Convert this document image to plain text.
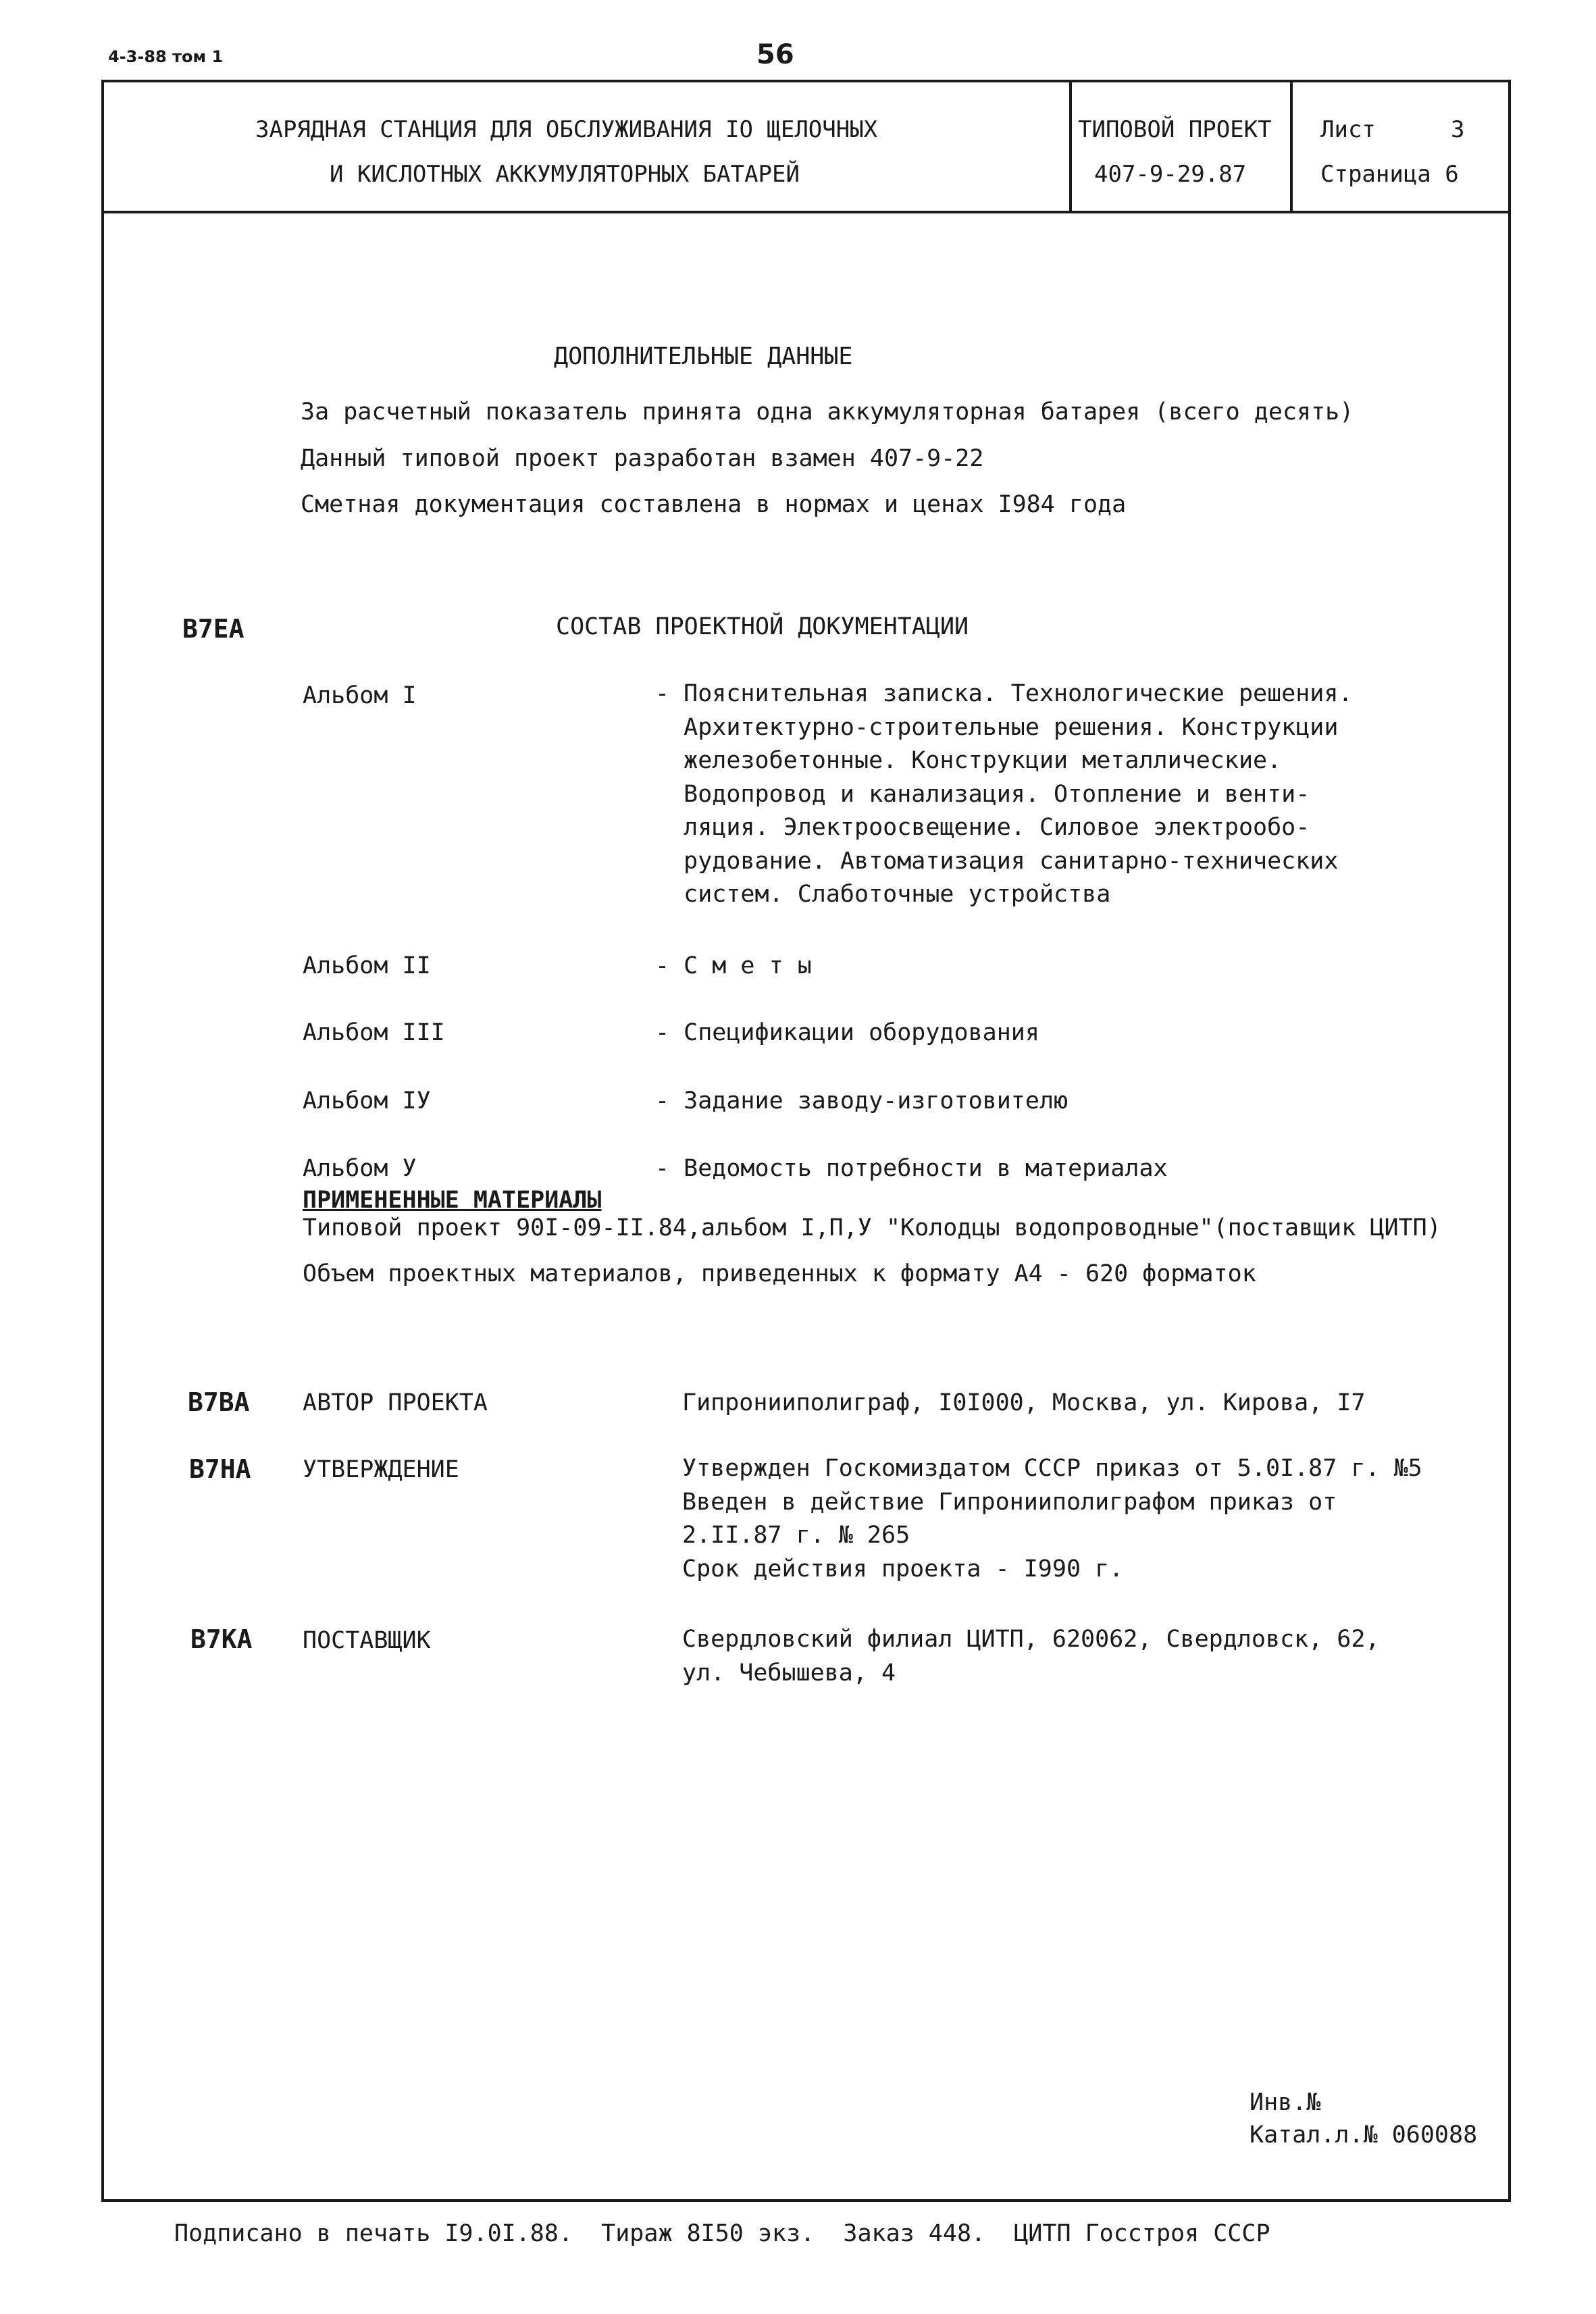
4-3-88 том 1	56
ЗАРЯДНАЯ СТАНЦИЯ ДЛЯ ОБСЛУЖИВАНИЯ IO ЩЕЛОЧНЫХ
И КИСЛОТНЫХ АККУМУЛЯТОРНЫХ БАТАРЕЙ
ТИПОВОЙ ПРОЕКТ
407-9-29.87
Лист	3
Страница 6
ДОПОЛНИТЕЛЬНЫЕ ДАННЫЕ
За расчетный показатель принята одна аккумуляторная батарея (всего десять)
Данный типовой проект разработан взамен 407-9-22
Сметная документация составлена в нормах и ценах I984 года
В7ЕА	СОСТАВ ПРОЕКТНОЙ ДОКУМЕНТАЦИИ
Альбом I	- Пояснительная записка. Технологические решения.
Архитектурно-строительные решения. Конструкции
железобетонные. Конструкции металлические.
Водопровод и канализация. Отопление и венти-
ляция. Электроосвещение. Силовое электрообо-
рудование. Автоматизация санитарно-технических
систем. Слаботочные устройства
Альбом II	- С м е т ы
Альбом III	- Спецификации оборудования
Альбом IУ	- Задание заводу-изготовителю
Альбом У	- Ведомость потребности в материалах
ПРИМЕНЕННЫЕ МАТЕРИАЛЫ
Типовой проект 90I-09-II.84,альбом I,П,У "Колодцы водопроводные"(поставщик ЦИТП)
Объем проектных материалов, приведенных к формату А4 - 620 форматок
В7ВА АВТОР ПРОЕКТА	Гипронииполиграф, I0I000, Москва, ул. Кирова, I7
В7НА УТВЕРЖДЕНИЕ	Утвержден Госкомиздатом СССР приказ от 5.0I.87 г. №5
Введен в действие Гипронииполиграфом приказ от
2.II.87 г. № 265
Срок действия проекта - I990 г.
В7КА ПОСТАВЩИК	Свердловский филиал ЦИТП, 620062, Свердловск, 62,
ул. Чебышева, 4
Инв.№
Катал.л.№ 060088
Подписано в печать I9.0I.88.  Тираж 8I50 экз.  Заказ 448.  ЦИТП Госстроя СССР
